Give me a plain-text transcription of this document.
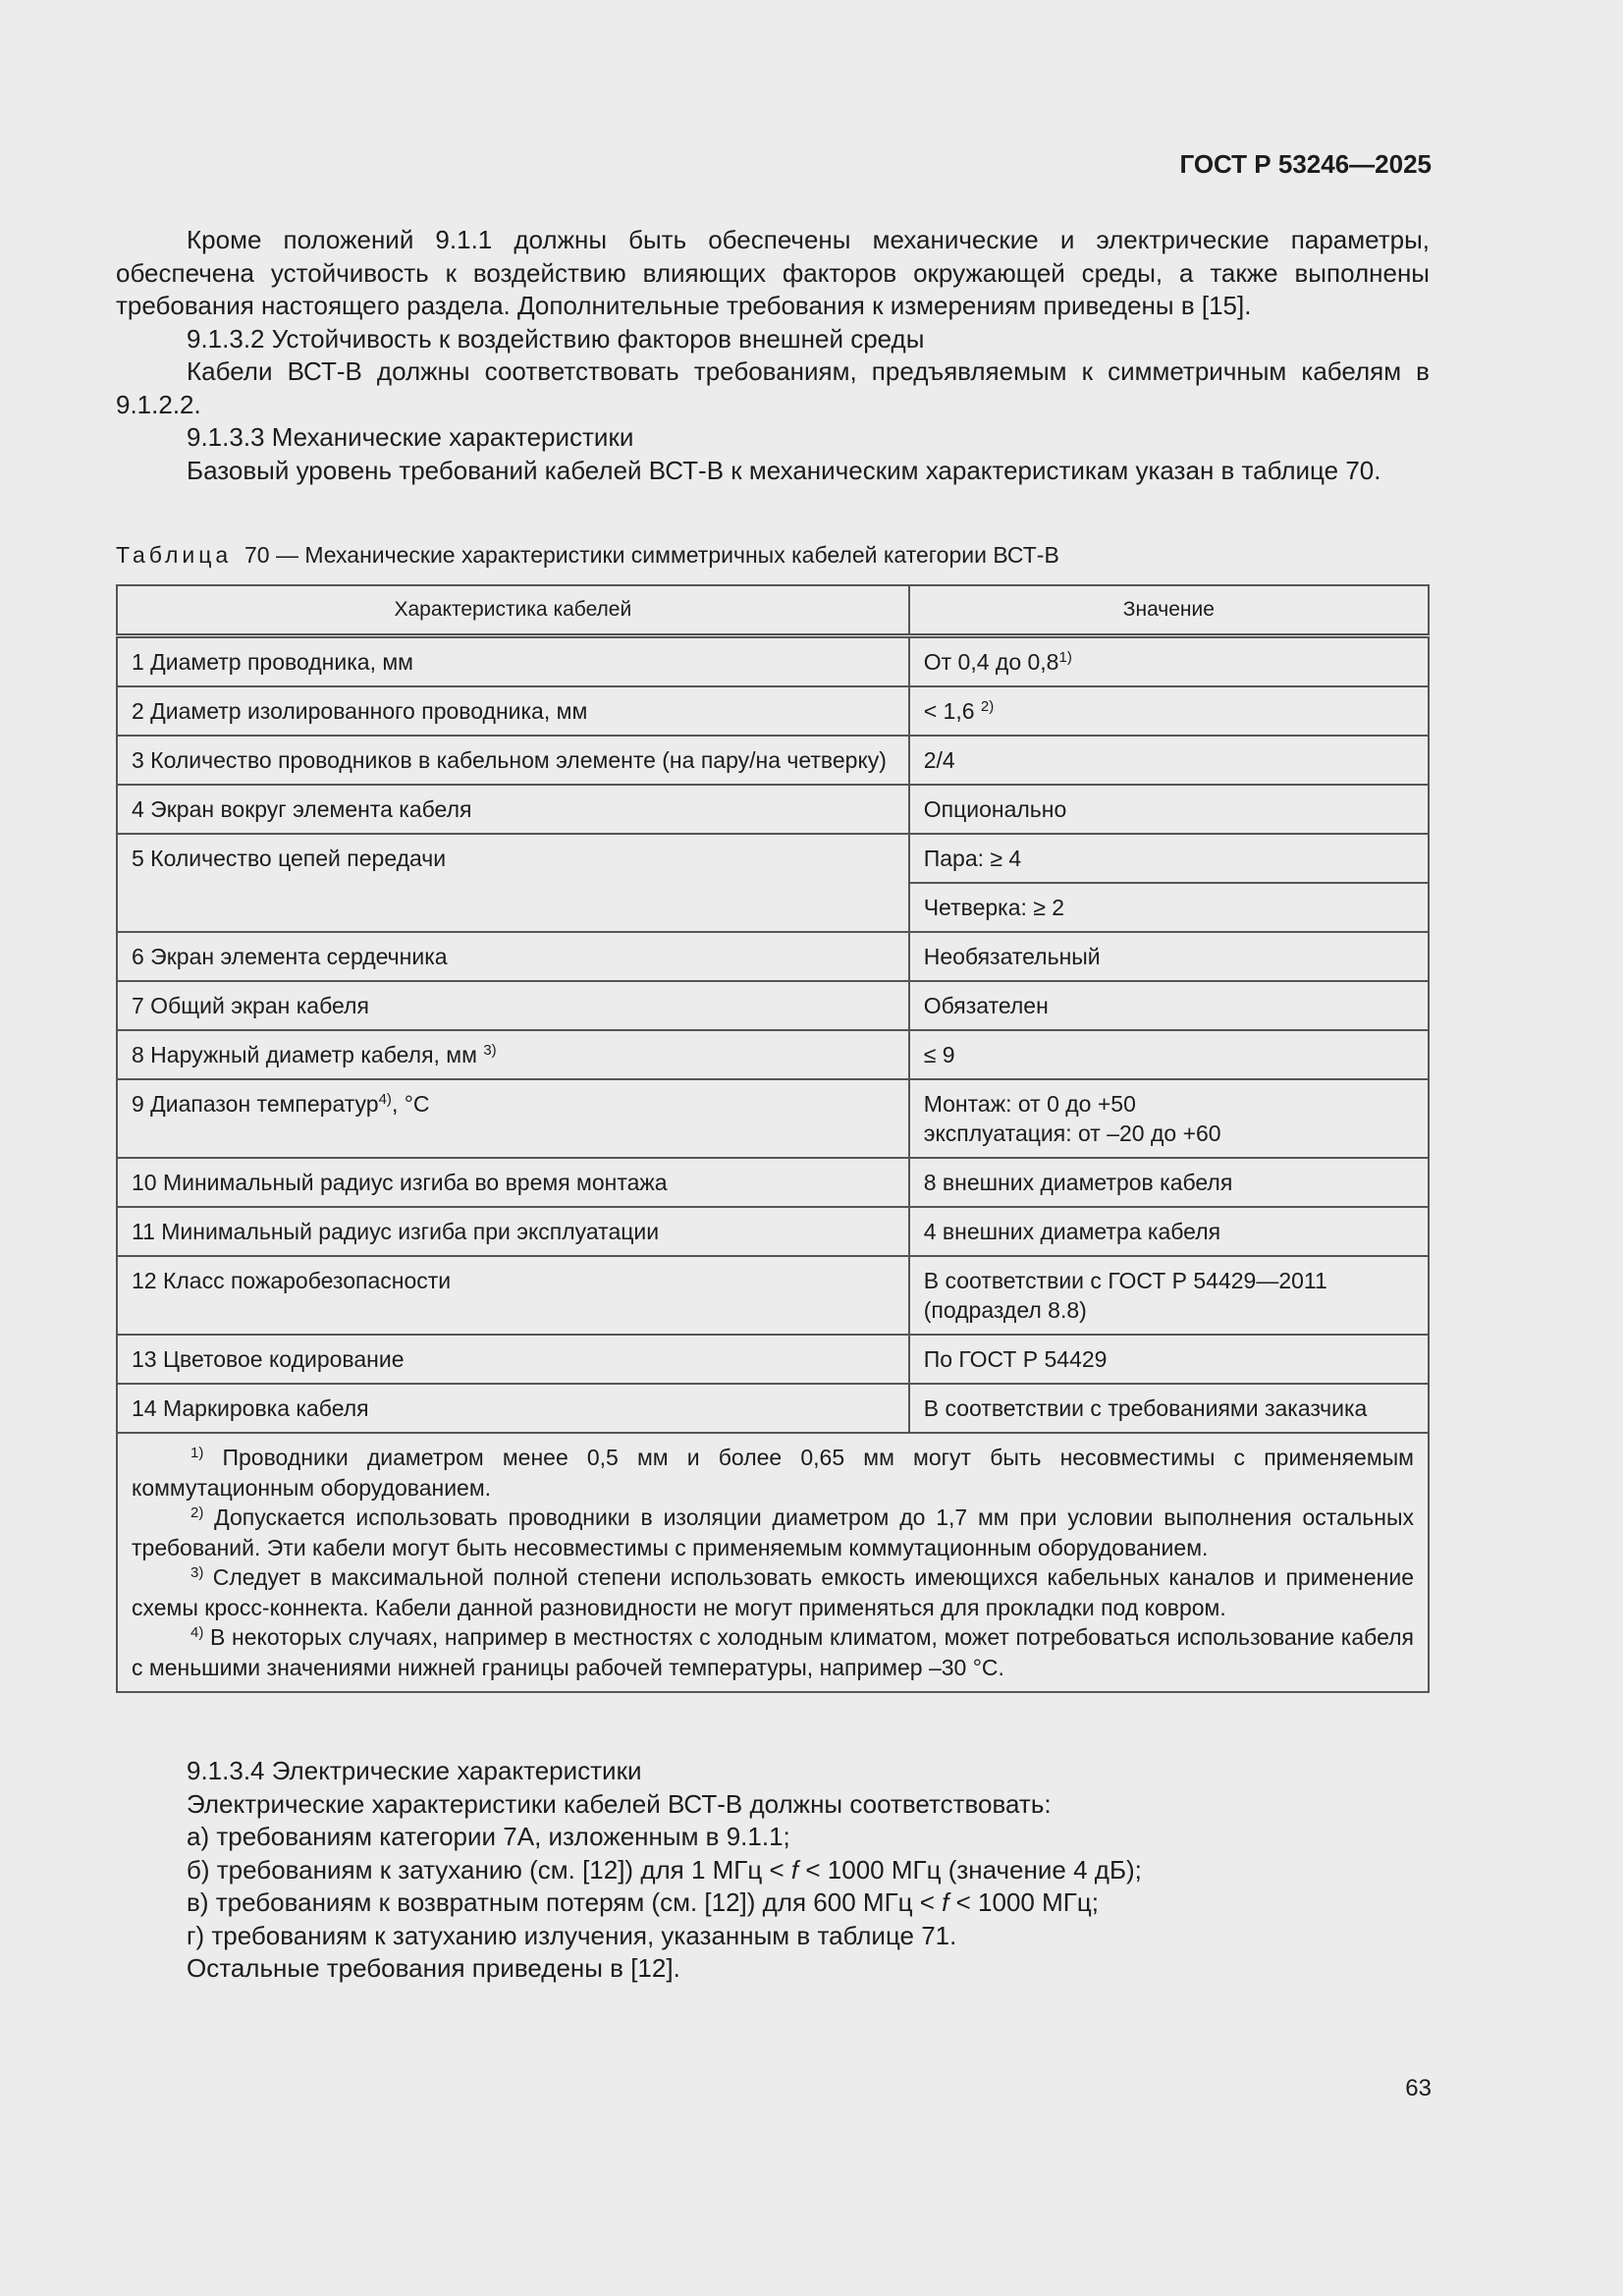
ГОСТ Р 53246—2025

Кроме положений 9.1.1 должны быть обеспечены механические и электрические параметры, обеспечена устойчивость к воздействию влияющих факторов окружающей среды, а также выполнены требования настоящего раздела. Дополнительные требования к измерениям приведены в [15].

9.1.3.2 Устойчивость к воздействию факторов внешней среды

Кабели ВСТ-В должны соответствовать требованиям, предъявляемым к симметричным кабелям в 9.1.2.2.

9.1.3.3 Механические характеристики

Базовый уровень требований кабелей ВСТ-В к механическим характеристикам указан в таблице 70.

Таблица 70 — Механические характеристики симметричных кабелей категории ВСТ-В
Характеристика кабелей	Значение
1 Диаметр проводника, мм	От 0,4 до 0,8$^{1)}$
2 Диаметр изолированного проводника, мм	< 1,6 $^{2)}$
3 Количество проводников в кабельном элементе (на пару/на четверку)	2/4
4 Экран вокруг элемента кабеля	Опционально
5 Количество цепей передачи	Пара: ≥ 4
	Четверка: ≥ 2
6 Экран элемента сердечника	Необязательный
7 Общий экран кабеля	Обязателен
8 Наружный диаметр кабеля, мм $^{3)}$	≤ 9
9 Диапазон температур$^{4)}$, °С	Монтаж: от 0 до +50
эксплуатация: от –20 до +60

10 Минимальный радиус изгиба во время монтажа	8 внешних диаметров кабеля
11 Минимальный радиус изгиба при эксплуатации	4 внешних диаметра кабеля
12 Класс пожаробезопасности	В соответствии с ГОСТ Р 54429—2011 (подраздел 8.8)
13 Цветовое кодирование	По ГОСТ Р 54429
14 Маркировка кабеля	В соответствии с требованиями заказчика

$^{1)}$ Проводники диаметром менее 0,5 мм и более 0,65 мм могут быть несовместимы с применяемым коммутационным оборудованием.

$^{2)}$ Допускается использовать проводники в изоляции диаметром до 1,7 мм при условии выполнения остальных требований. Эти кабели могут быть несовместимы с применяемым коммутационным оборудованием.

$^{3)}$ Следует в максимальной полной степени использовать емкость имеющихся кабельных каналов и применение схемы кросс-коннекта. Кабели данной разновидности не могут применяться для прокладки под ковром.

$^{4)}$ В некоторых случаях, например в местностях с холодным климатом, может потребоваться использование кабеля с меньшими значениями нижней границы рабочей температуры, например –30 °С.	

9.1.3.4 Электрические характеристики

Электрические характеристики кабелей ВСТ-В должны соответствовать:

а) требованиям категории 7А, изложенным в 9.1.1;

б) требованиям к затуханию (см. [12]) для 1 МГц < f < 1000 МГц (значение 4 дБ);

в) требованиям к возвратным потерям (см. [12]) для 600 МГц < f < 1000 МГц;

г) требованиям к затуханию излучения, указанным в таблице 71.

Остальные требования приведены в [12].

63
